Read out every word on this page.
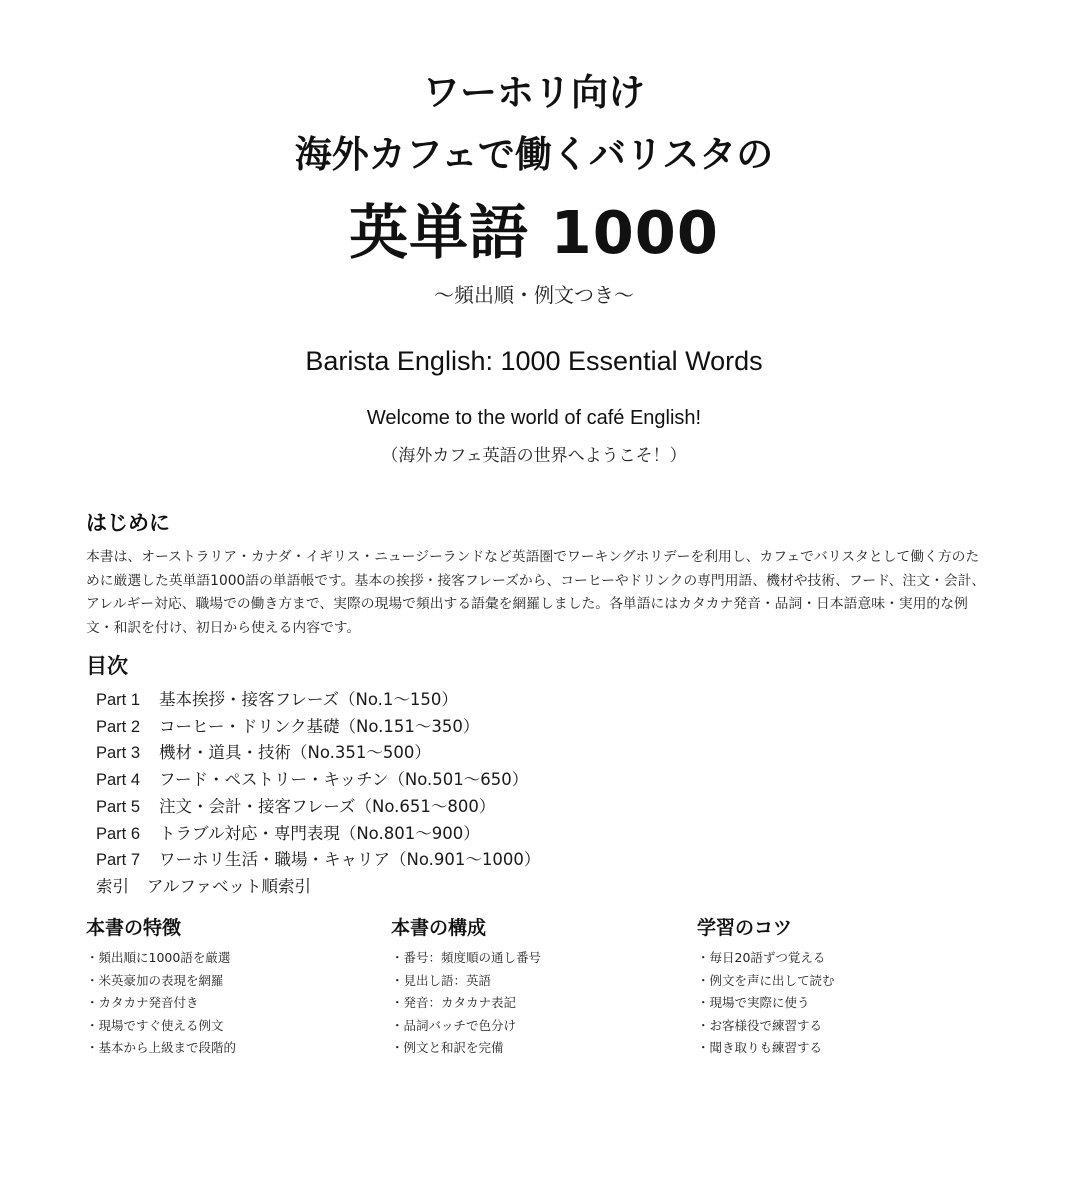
ワーホリ向け
海外カフェで働くバリスタの
英単語 1000
〜頻出順・例文つき〜
Barista English: 1000 Essential Words
Welcome to the world of café English!
（海外カフェ英語の世界へようこそ！）
はじめに
本書は、オーストラリア・カナダ・イギリス・ニュージーランドなど英語圏でワーキングホリデーを利用し、カフェでバリスタとして働く方のために厳選した英単語1000語の単語帳です。基本の挨拶・接客フレーズから、コーヒーやドリンクの専門用語、機材や技術、フード、注文・会計、アレルギー対応、職場での働き方まで、実際の現場で頻出する語彙を網羅しました。各単語にはカタカナ発音・品詞・日本語意味・実用的な例文・和訳を付け、初日から使える内容です。
目次
Part 1 基本挨拶・接客フレーズ（No.1〜150）
Part 2 コーヒー・ドリンク基礎（No.151〜350）
Part 3 機材・道具・技術（No.351〜500）
Part 4 フード・ペストリー・キッチン（No.501〜650）
Part 5 注文・会計・接客フレーズ（No.651〜800）
Part 6 トラブル対応・専門表現（No.801〜900）
Part 7 ワーホリ生活・職場・キャリア（No.901〜1000）
索引 アルファベット順索引
本書の特徴
・ 頻出順に1000語を厳選
・ 米英豪加の表現を網羅
・ カタカナ発音付き
・ 現場ですぐ使える例文
・ 基本から上級まで段階的
本書の構成
・ 番号：頻度順の通し番号
・ 見出し語：英語
・ 発音：カタカナ表記
・ 品詞バッチで色分け
・ 例文と和訳を完備
学習のコツ
・ 毎日20語ずつ覚える
・ 例文を声に出して読む
・ 現場で実際に使う
・ お客様役で練習する
・ 聞き取りも練習する
